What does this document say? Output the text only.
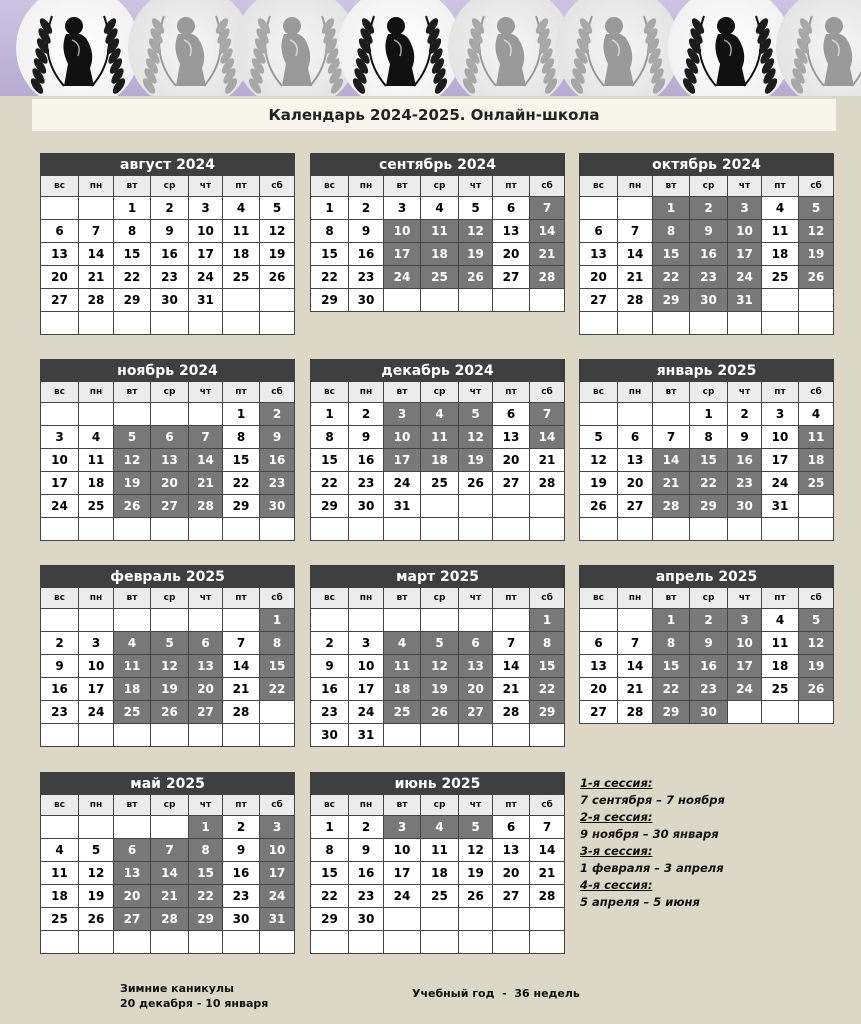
Календарь 2024-2025. Онлайн-школа
август 2024						
вс	пн	вт	ср	чт	пт	сб
		1	2	3	4	5
6	7	8	9	10	11	12
13	14	15	16	17	18	19
20	21	22	23	24	25	26
27	28	29	30	31		

сентябрь 2024						
вс	пн	вт	ср	чт	пт	сб
1	2	3	4	5	6	7
8	9	10	11	12	13	14
15	16	17	18	19	20	21
22	23	24	25	26	27	28
29	30					
октябрь 2024						
вс	пн	вт	ср	чт	пт	сб
		1	2	3	4	5
6	7	8	9	10	11	12
13	14	15	16	17	18	19
20	21	22	23	24	25	26
27	28	29	30	31		

ноябрь 2024						
вс	пн	вт	ср	чт	пт	сб
					1	2
3	4	5	6	7	8	9
10	11	12	13	14	15	16
17	18	19	20	21	22	23
24	25	26	27	28	29	30

декабрь 2024						
вс	пн	вт	ср	чт	пт	сб
1	2	3	4	5	6	7
8	9	10	11	12	13	14
15	16	17	18	19	20	21
22	23	24	25	26	27	28
29	30	31				

январь 2025						
вс	пн	вт	ср	чт	пт	сб
			1	2	3	4
5	6	7	8	9	10	11
12	13	14	15	16	17	18
19	20	21	22	23	24	25
26	27	28	29	30	31	

февраль 2025						
вс	пн	вт	ср	чт	пт	сб
						1
2	3	4	5	6	7	8
9	10	11	12	13	14	15
16	17	18	19	20	21	22
23	24	25	26	27	28	

март 2025						
вс	пн	вт	ср	чт	пт	сб
						1
2	3	4	5	6	7	8
9	10	11	12	13	14	15
16	17	18	19	20	21	22
23	24	25	26	27	28	29
30	31					
апрель 2025						
вс	пн	вт	ср	чт	пт	сб
		1	2	3	4	5
6	7	8	9	10	11	12
13	14	15	16	17	18	19
20	21	22	23	24	25	26
27	28	29	30			
май 2025						
вс	пн	вт	ср	чт	пт	сб
				1	2	3
4	5	6	7	8	9	10
11	12	13	14	15	16	17
18	19	20	21	22	23	24
25	26	27	28	29	30	31

июнь 2025						
вс	пн	вт	ср	чт	пт	сб
1	2	3	4	5	6	7
8	9	10	11	12	13	14
15	16	17	18	19	20	21
22	23	24	25	26	27	28
29	30					

1-я сессия:
7 сентября – 7 ноября
2-я сессия:
9 ноября – 30 января
3-я сессия:
1 февраля – 3 апреля
4-я сессия:
5 апреля – 5 июня
Зимние каникулы
20 декабря - 10 января
Учебный год  -  36 недель
